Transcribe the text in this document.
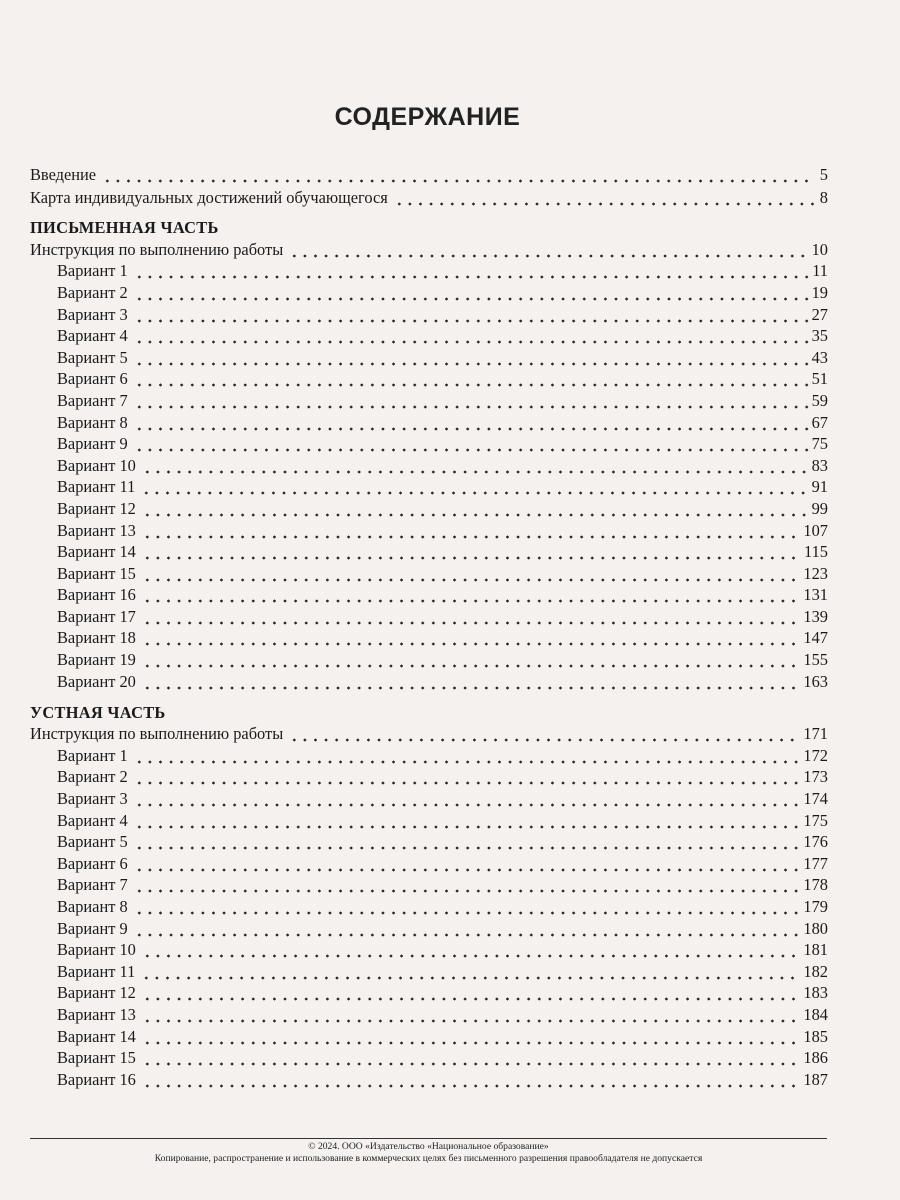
СОДЕРЖАНИЕ
Введение	5
Карта индивидуальных достижений обучающегося	8
ПИСЬМЕННАЯ ЧАСТЬ
Инструкция по выполнению работы	10
Вариант 1	11
Вариант 2	19
Вариант 3	27
Вариант 4	35
Вариант 5	43
Вариант 6	51
Вариант 7	59
Вариант 8	67
Вариант 9	75
Вариант 10	83
Вариант 11	91
Вариант 12	99
Вариант 13	107
Вариант 14	115
Вариант 15	123
Вариант 16	131
Вариант 17	139
Вариант 18	147
Вариант 19	155
Вариант 20	163
УСТНАЯ ЧАСТЬ
Инструкция по выполнению работы	171
Вариант 1	172
Вариант 2	173
Вариант 3	174
Вариант 4	175
Вариант 5	176
Вариант 6	177
Вариант 7	178
Вариант 8	179
Вариант 9	180
Вариант 10	181
Вариант 11	182
Вариант 12	183
Вариант 13	184
Вариант 14	185
Вариант 15	186
Вариант 16	187
© 2024. ООО «Издательство «Национальное образование»
Копирование, распространение и использование в коммерческих целях без письменного разрешения правообладателя не допускается
